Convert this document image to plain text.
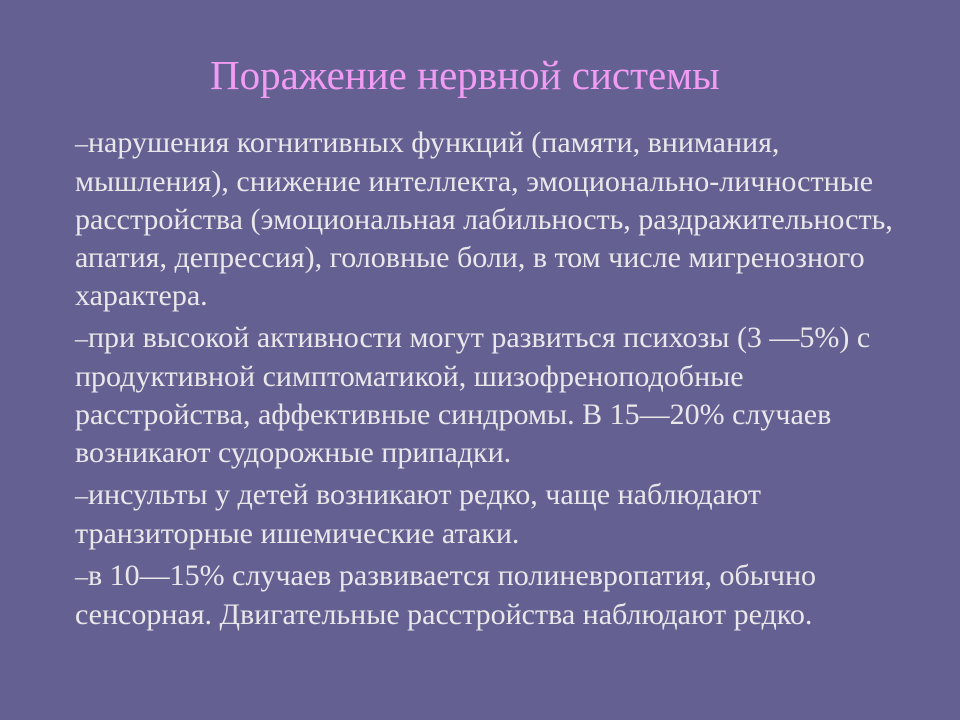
Поражение нервной системы
–нарушения когнитивных функций (памяти, внимания, мышления), снижение интеллекта, эмоционально-личностные расстройства (эмоциональная лабильность, раздражительность, апатия, депрессия), головные боли, в том числе мигренозного характера.
–при высокой активности могут развиться психозы (3 —5%) с продуктивной симптоматикой, шизофреноподобные расстройства, аффективные синдромы. В 15—20% случаев возникают судорожные припадки.
–инсульты у детей возникают редко, чаще наблюдают транзиторные ишемические атаки.
–в 10—15% случаев развивается полиневропатия, обычно сенсорная. Двигательные расстройства наблюдают редко.
